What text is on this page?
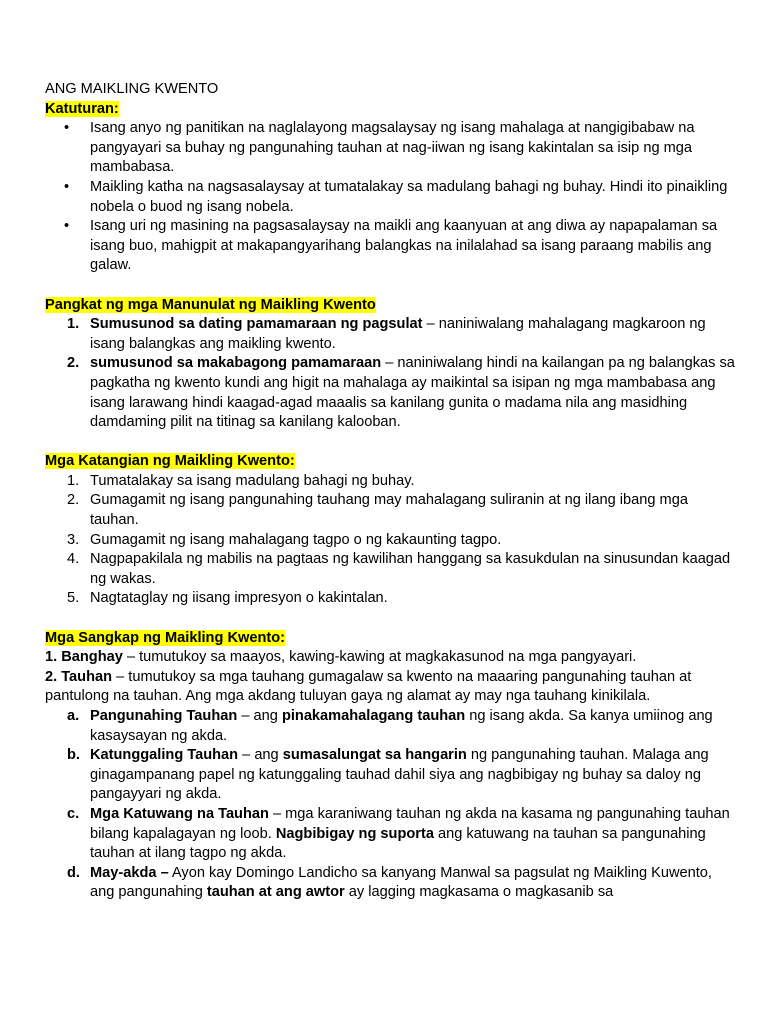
ANG MAIKLING KWENTO
Katuturan:
• Isang anyo ng panitikan na naglalayong magsalaysay ng isang mahalaga at nangigibabaw na pangyayari sa buhay ng pangunahing tauhan at nag-iiwan ng isang kakintalan sa isip ng mga mambabasa.
• Maikling katha na nagsasalaysay at tumatalakay sa madulang bahagi ng buhay. Hindi ito pinaikling nobela o buod ng isang nobela.
• Isang uri ng masining na pagsasalaysay na maikli ang kaanyuan at ang diwa ay napapalaman sa isang buo, mahigpit at makapangyarihang balangkas na inilalahad sa isang paraang mabilis ang galaw.
Pangkat ng mga Manunulat ng Maikling Kwento
1. Sumusunod sa dating pamamaraan ng pagsulat – naniniwalang mahalagang magkaroon ng isang balangkas ang maikling kwento.
2. sumusunod sa makabagong pamamaraan – naniniwalang hindi na kailangan pa ng balangkas sa pagkatha ng kwento kundi ang higit na mahalaga ay maikintal sa isipan ng mga mambabasa ang isang larawang hindi kaagad-agad maaalis sa kanilang gunita o madama nila ang masidhing damdaming pilit na titinag sa kanilang kalooban.
Mga Katangian ng Maikling Kwento:
1. Tumatalakay sa isang madulang bahagi ng buhay.
2. Gumagamit ng isang pangunahing tauhang may mahalagang suliranin at ng ilang ibang mga tauhan.
3. Gumagamit ng isang mahalagang tagpo o ng kakaunting tagpo.
4. Nagpapakilala ng mabilis na pagtaas ng kawilihan hanggang sa kasukdulan na sinusundan kaagad ng wakas.
5. Nagtataglay ng iisang impresyon o kakintalan.
Mga Sangkap ng Maikling Kwento:
1. Banghay – tumutukoy sa maayos, kawing-kawing at magkakasunod na mga pangyayari.
2. Tauhan – tumutukoy sa mga tauhang gumagalaw sa kwento na maaaring pangunahing tauhan at pantulong na tauhan. Ang mga akdang tuluyan gaya ng alamat ay may nga tauhang kinikilala.
a. Pangunahing Tauhan – ang pinakamahalagang tauhan ng isang akda. Sa kanya umiinog ang kasaysayan ng akda.
b. Katunggaling Tauhan – ang sumasalungat sa hangarin ng pangunahing tauhan. Malaga ang ginagampanang papel ng katunggaling tauhad dahil siya ang nagbibigay ng buhay sa daloy ng pangayyari ng akda.
c. Mga Katuwang na Tauhan – mga karaniwang tauhan ng akda na kasama ng pangunahing tauhan bilang kapalagayan ng loob. Nagbibigay ng suporta ang katuwang na tauhan sa pangunahing tauhan at ilang tagpo ng akda.
d. May-akda – Ayon kay Domingo Landicho sa kanyang Manwal sa pagsulat ng Maikling Kuwento, ang pangunahing tauhan at ang awtor ay lagging magkasama o magkasanib sa
